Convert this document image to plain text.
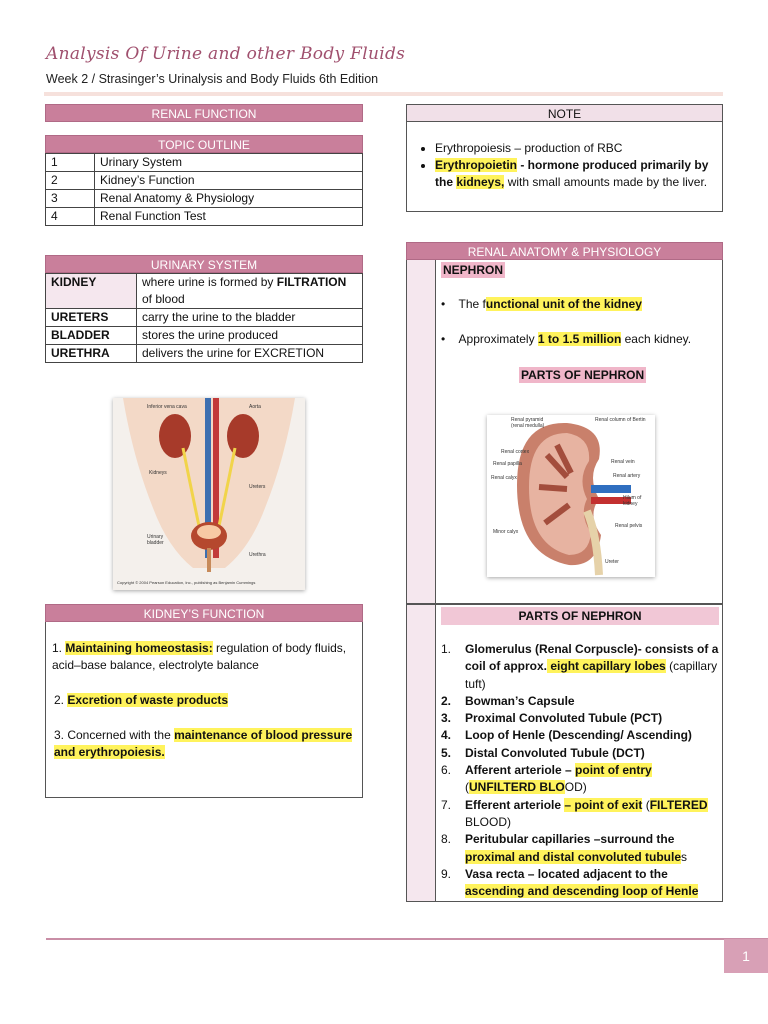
Analysis Of Urine and other Body Fluids
Week 2 / Strasinger’s Urinalysis and Body Fluids 6th Edition
RENAL FUNCTION
TOPIC OUTLINE
1	Urinary System
2	Kidney’s Function
3	Renal Anatomy & Physiology
4	Renal Function Test
URINARY SYSTEM
KIDNEY	where urine is formed by FILTRATION of blood
URETERS	carry the urine to the bladder
BLADDER	stores the urine produced
URETHRA	delivers the urine for EXCRETION
Inferior vena cava	Aorta
Kidneys
Ureters
Urinary bladder
Urethra
Copyright © 2004 Pearson Education, Inc., publishing as Benjamin Cummings
KIDNEY’S FUNCTION
1. Maintaining homeostasis: regulation of body fluids, acid–base balance, electrolyte balance
2. Excretion of waste products
3. Concerned with the maintenance of blood pressure and erythropoiesis.
NOTE
• Erythropoiesis – production of RBC
• Erythropoietin - hormone produced primarily by the kidneys, with small amounts made by the liver.
RENAL ANATOMY & PHYSIOLOGY
NEPHRON
•    The functional unit of the kidney
•    Approximately 1 to 1.5 million each kidney.
PARTS OF NEPHRON
Renal pyramid (renal medulla)
Renal column of Bertin
Renal cortex
Renal vein
Renal papilla
Renal artery
Renal calyx
Hilum of kidney
Renal pelvis
Minor calyx
Ureter
PARTS OF NEPHRON
1.	Glomerulus (Renal Corpuscle)- consists of a coil of approx. eight capillary lobes (capillary tuft)
2.	Bowman’s Capsule
3.	Proximal Convoluted Tubule (PCT)
4.	Loop of Henle (Descending/ Ascending)
5.	Distal Convoluted Tubule (DCT)
6.	Afferent arteriole – point of entry
(UNFILTERD BLOOD)
7.	Efferent arteriole – point of exit (FILTERED
BLOOD)
8.	Peritubular capillaries –surround the proximal and distal convoluted tubules
9.	Vasa recta – located adjacent to the ascending and descending loop of Henle
1
